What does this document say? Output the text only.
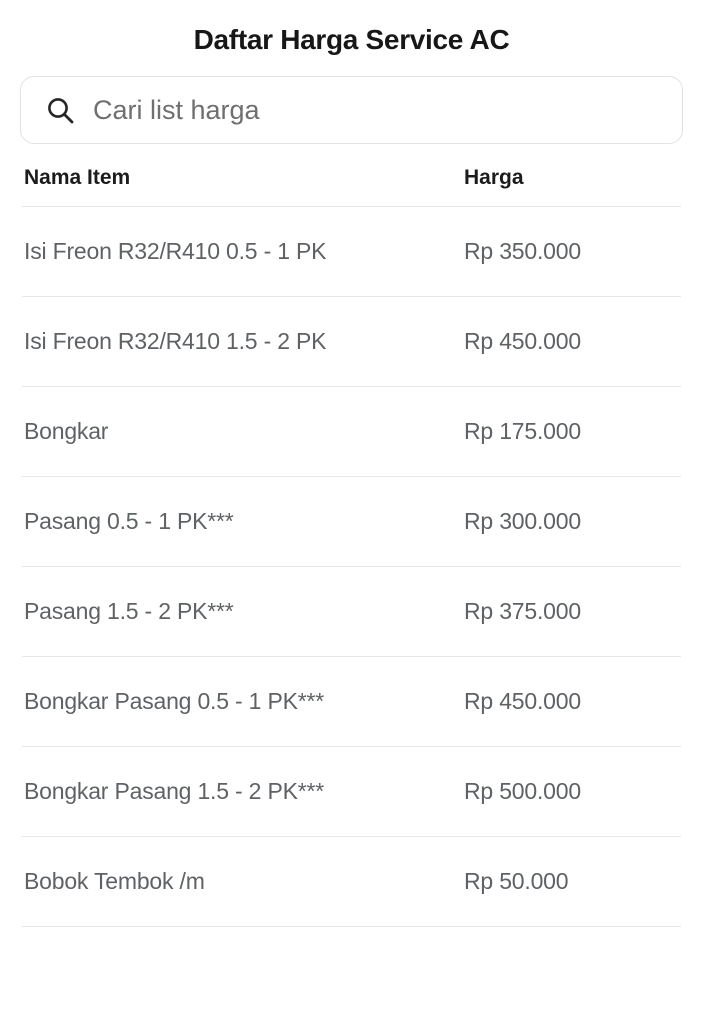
Daftar Harga Service AC
Cari list harga
Nama Item	Harga
Isi Freon R32/R410 0.5 - 1 PK	Rp 350.000
Isi Freon R32/R410 1.5 - 2 PK	Rp 450.000
Bongkar	Rp 175.000
Pasang 0.5 - 1 PK***	Rp 300.000
Pasang 1.5 - 2 PK***	Rp 375.000
Bongkar Pasang 0.5 - 1 PK***	Rp 450.000
Bongkar Pasang 1.5 - 2 PK***	Rp 500.000
Bobok Tembok /m	Rp 50.000
